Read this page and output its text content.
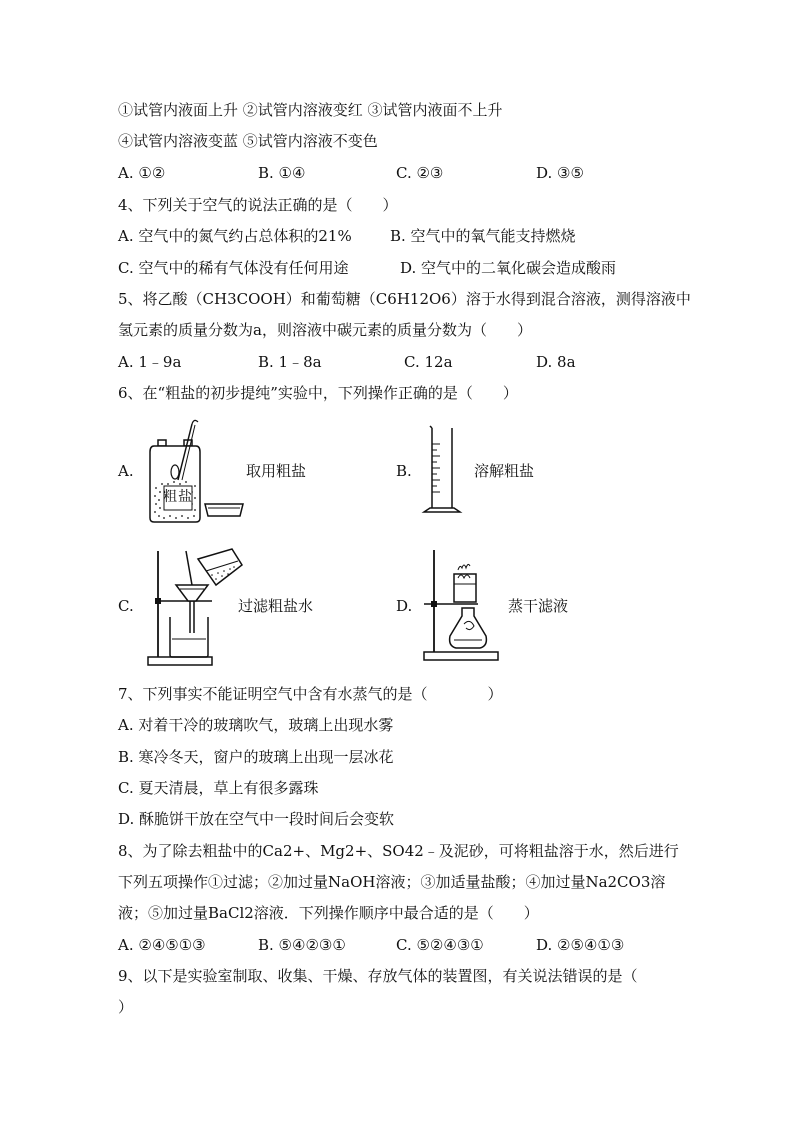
①试管内液面上升 ②试管内溶液变红 ③试管内液面不上升
④试管内溶液变蓝 ⑤试管内溶液不变色
A. ①②	B. ①④	C. ②③	D. ③⑤
4、下列关于空气的说法正确的是（　　）
A. 空气中的氮气约占总体积的21%	B. 空气中的氧气能支持燃烧
C. 空气中的稀有气体没有任何用途	D. 空气中的二氧化碳会造成酸雨
5、将乙酸（CH3COOH）和葡萄糖（C6H12O6）溶于水得到混合溶液，测得溶液中
氢元素的质量分数为a，则溶液中碳元素的质量分数为（　　）
A. 1﹣9a	B. 1﹣8a	C. 12a	D. 8a
6、在“粗盐的初步提纯”实验中，下列操作正确的是（　　）
A.
粗盐
取用粗盐	B.	溶解粗盐
C.	过滤粗盐水	D.	蒸干滤液
7、下列事实不能证明空气中含有水蒸气的是（　　　　）
A. 对着干冷的玻璃吹气，玻璃上出现水雾
B. 寒冷冬天，窗户的玻璃上出现一层冰花
C. 夏天清晨，草上有很多露珠
D. 酥脆饼干放在空气中一段时间后会变软
8、为了除去粗盐中的Ca2+、Mg2+、SO42﹣及泥砂，可将粗盐溶于水，然后进行
下列五项操作①过滤；②加过量NaOH溶液；③加适量盐酸；④加过量Na2CO3溶
液；⑤加过量BaCl2溶液．下列操作顺序中最合适的是（　　）
A. ②④⑤①③	B. ⑤④②③①	C. ⑤②④③①	D. ②⑤④①③
9、以下是实验室制取、收集、干燥、存放气体的装置图，有关说法错误的是（
）
